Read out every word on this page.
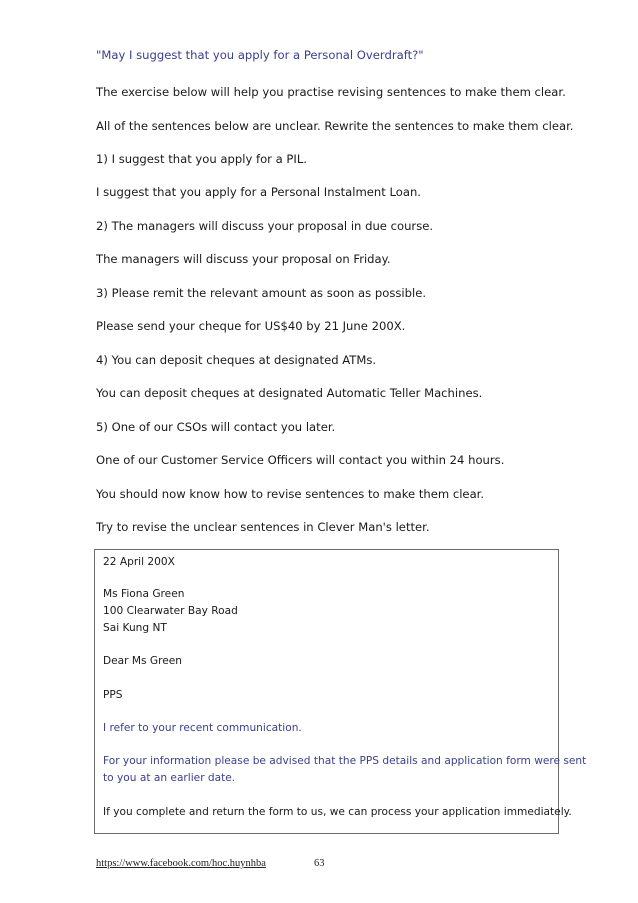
"May I suggest that you apply for a Personal Overdraft?"
The exercise below will help you practise revising sentences to make them clear.
All of the sentences below are unclear. Rewrite the sentences to make them clear.
1) I suggest that you apply for a PIL.
I suggest that you apply for a Personal Instalment Loan.
2) The managers will discuss your proposal in due course.
The managers will discuss your proposal on Friday.
3) Please remit the relevant amount as soon as possible.
Please send your cheque for US$40 by 21 June 200X.
4) You can deposit cheques at designated ATMs.
You can deposit cheques at designated Automatic Teller Machines.
5) One of our CSOs will contact you later.
One of our Customer Service Officers will contact you within 24 hours.
You should now know how to revise sentences to make them clear.
Try to revise the unclear sentences in Clever Man's letter.
22 April 200X
Ms Fiona Green
100 Clearwater Bay Road
Sai Kung NT
Dear Ms Green
PPS
I refer to your recent communication.
For your information please be advised that the PPS details and application form were sent
to you at an earlier date.
If you complete and return the form to us, we can process your application immediately.
https://www.facebook.com/hoc.huynhba	63
